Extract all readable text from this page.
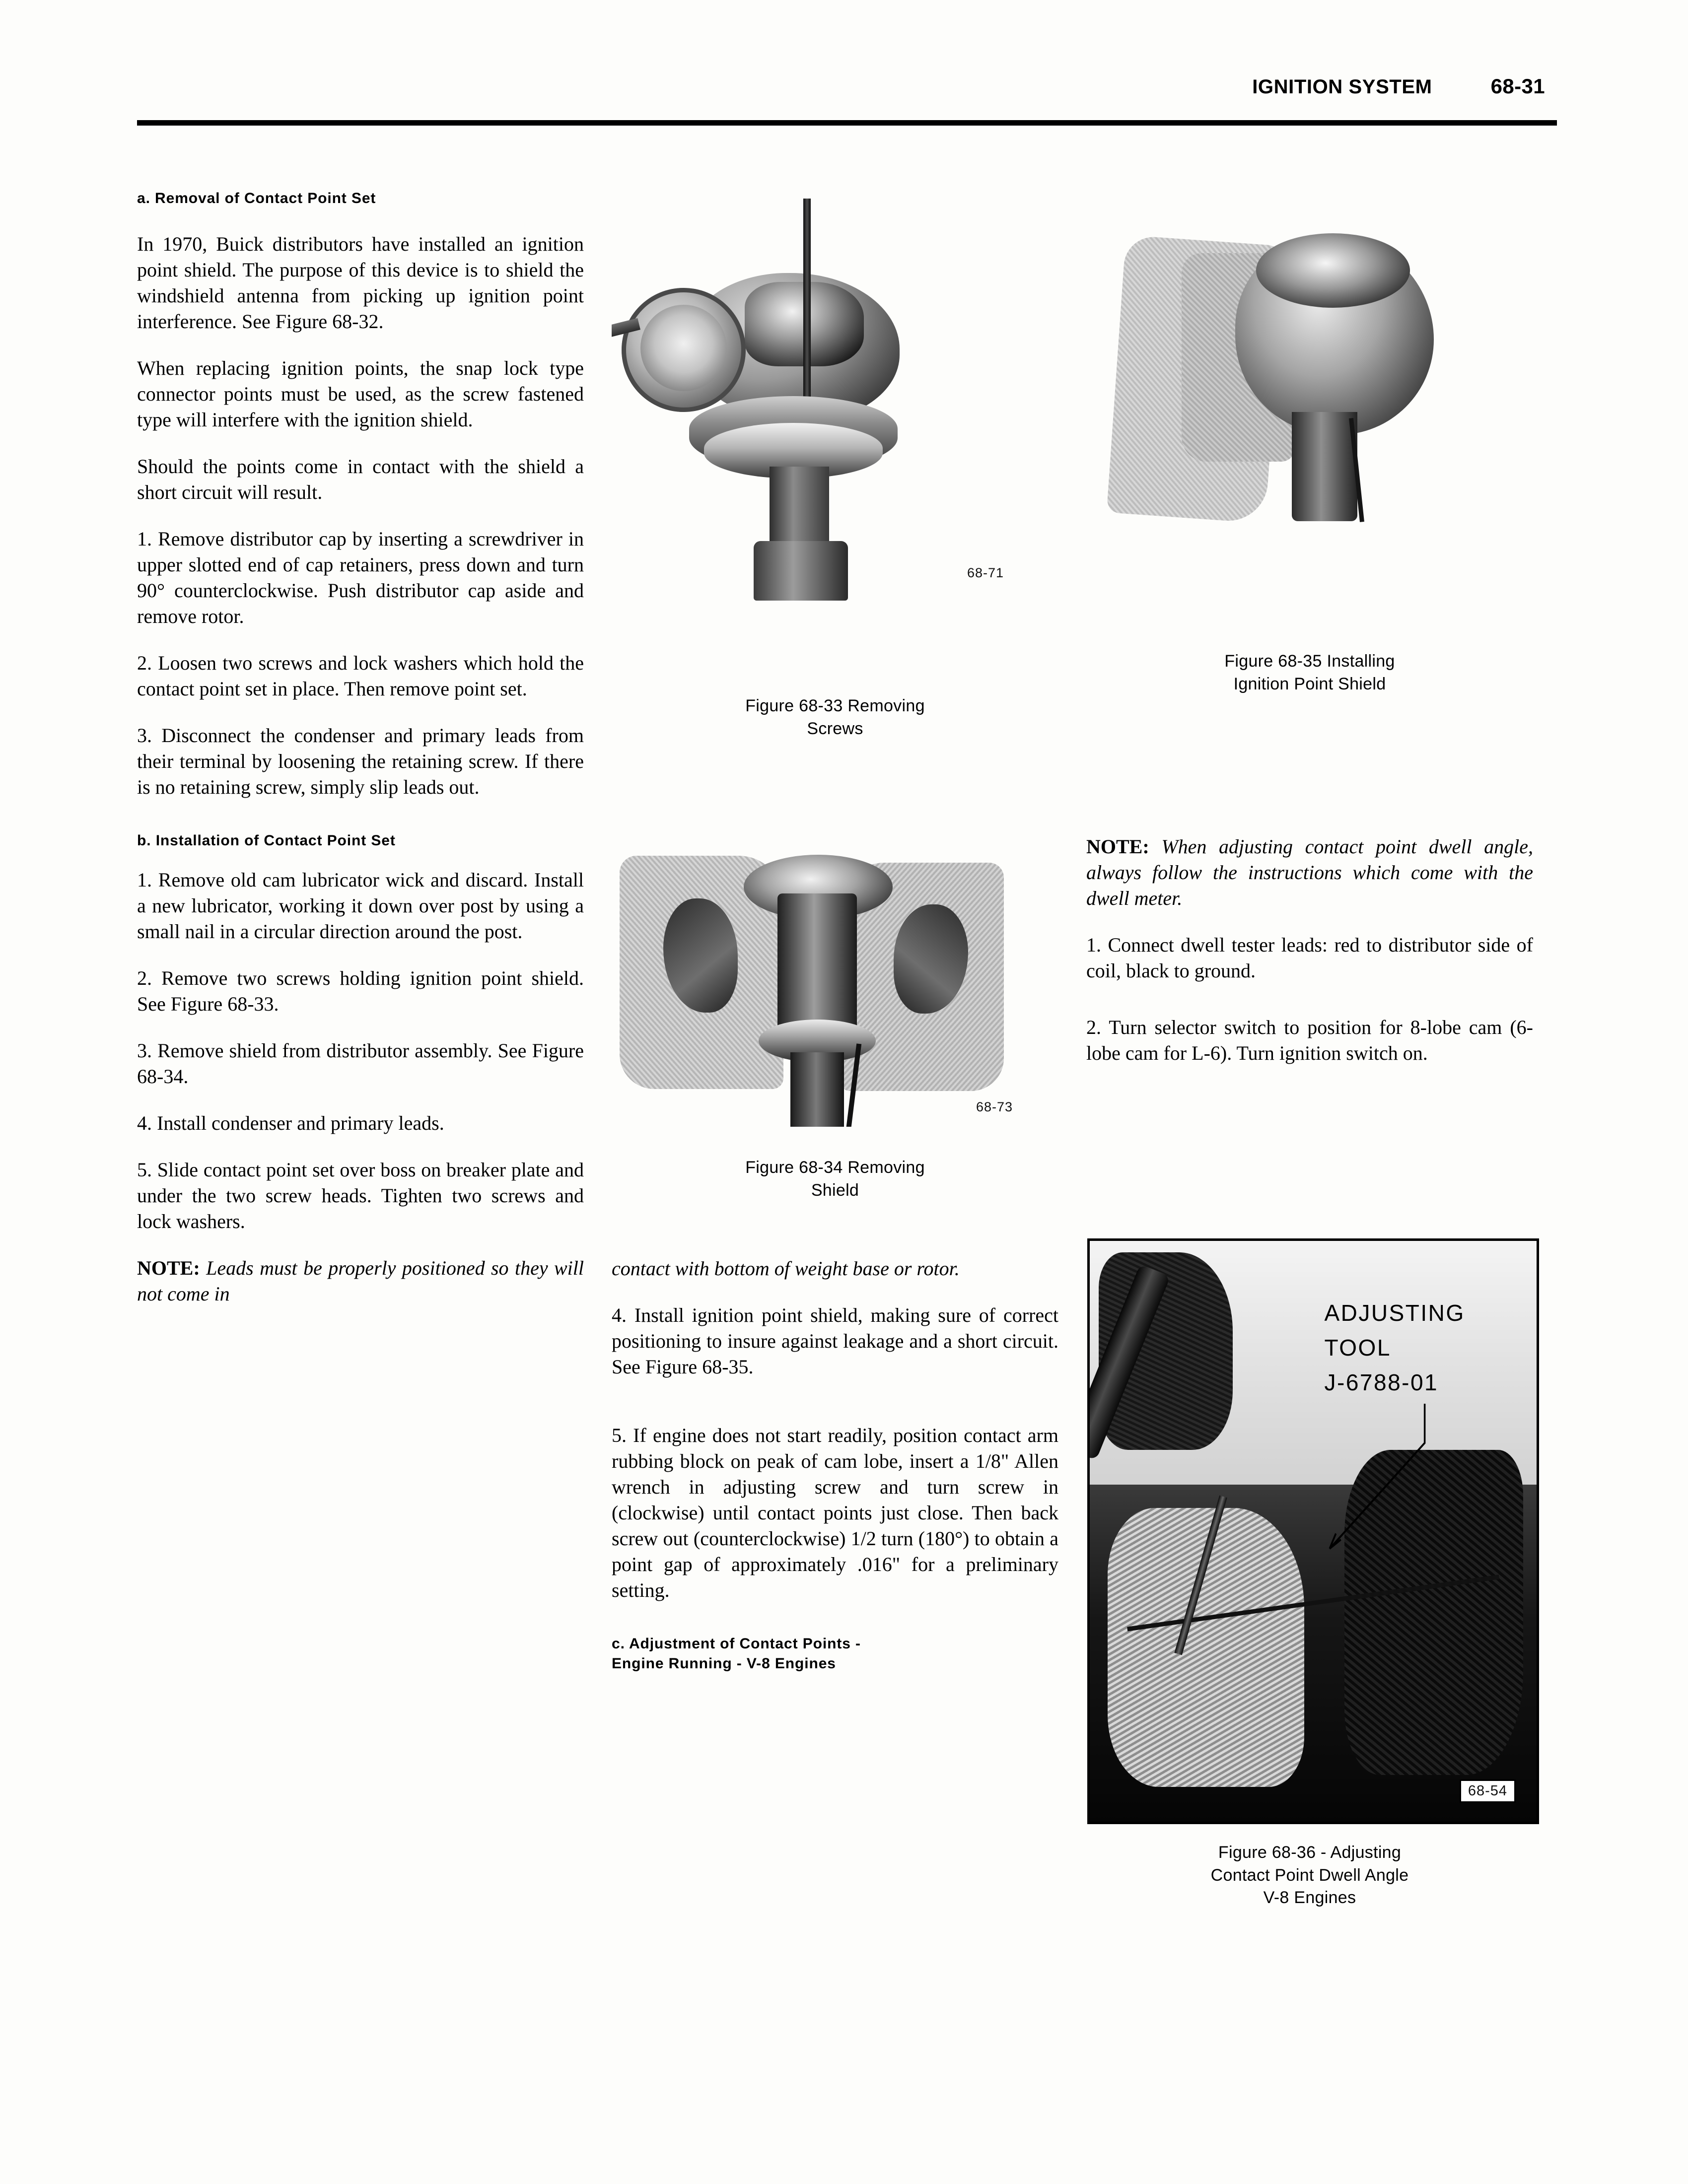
IGNITION SYSTEM	68-31
a. Removal of Contact Point Set

In 1970, Buick distributors have installed an ignition point shield. The purpose of this device is to shield the windshield antenna from picking up ignition point interference. See Figure 68-32.

When replacing ignition points, the snap lock type connector points must be used, as the screw fastened type will interfere with the ignition shield.

Should the points come in contact with the shield a short circuit will result.

1. Remove distributor cap by inserting a screwdriver in upper slotted end of cap retainers, press down and turn 90° counterclockwise. Push distributor cap aside and remove rotor.

2. Loosen two screws and lock washers which hold the contact point set in place. Then remove point set.

3. Disconnect the condenser and primary leads from their terminal by loosening the retaining screw. If there is no retaining screw, simply slip leads out.

b. Installation of Contact Point Set

1. Remove old cam lubricator wick and discard. Install a new lubricator, working it down over post by using a small nail in a circular direction around the post.

2. Remove two screws holding ignition point shield. See Figure 68-33.

3. Remove shield from distributor assembly. See Figure 68-34.

4. Install condenser and primary leads.

5. Slide contact point set over boss on breaker plate and under the two screw heads. Tighten two screws and lock washers.

NOTE: Leads must be properly positioned so they will not come in

68-71
Figure 68-33 Removing
Screws
68-73
Figure 68-34 Removing
Shield

contact with bottom of weight base or rotor.

4. Install ignition point shield, making sure of correct positioning to insure against leakage and a short circuit. See Figure 68-35.

5. If engine does not start readily, position contact arm rubbing block on peak of cam lobe, insert a 1/8" Allen wrench in adjusting screw and turn screw in (clockwise) until contact points just close. Then back screw out (counterclockwise) 1/2 turn (180°) to obtain a point gap of approximately .016" for a preliminary setting.

c. Adjustment of Contact Points -
Engine Running - V-8 Engines
Figure 68-35 Installing
Ignition Point Shield

NOTE: When adjusting contact point dwell angle, always follow the instructions which come with the dwell meter.

1. Connect dwell tester leads: red to distributor side of coil, black to ground.

2. Turn selector switch to position for 8-lobe cam (6-lobe cam for L-6). Turn ignition switch on.

ADJUSTING
TOOL
J-6788-01
68-54
Figure 68-36 - Adjusting
Contact Point Dwell Angle
V-8 Engines
